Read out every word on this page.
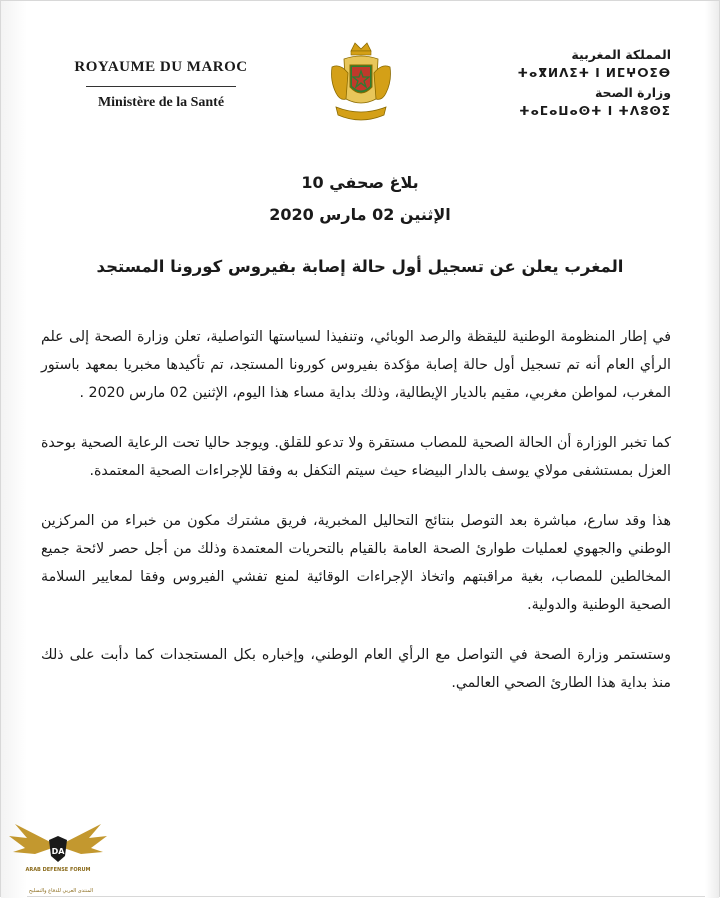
ROYAUME DU MAROC
Ministère de la Santé
المملكة المغربية
ⵜⴰⴳⵍⴷⵉⵜ ⵏ ⵍⵎⵖⵔⵉⴱ
وزارة الصحة
ⵜⴰⵎⴰⵡⴰⵙⵜ ⵏ ⵜⴷⵓⵙⵉ
بلاغ صحفي 10
الإثنين 02 مارس 2020
المغرب يعلن عن تسجيل أول حالة إصابة بفيروس كورونا المستجد

في إطار المنظومة الوطنية لليقظة والرصد الوبائي، وتنفيذا لسياستها التواصلية، تعلن وزارة الصحة إلى علم الرأي العام أنه تم تسجيل أول حالة إصابة مؤكدة بفيروس كورونا المستجد، تم تأكيدها مخبريا بمعهد باستور المغرب، لمواطن مغربي، مقيم بالديار الإيطالية، وذلك بداية مساء هذا اليوم، الإثنين 02 مارس 2020 .

كما تخبر الوزارة أن الحالة الصحية للمصاب مستقرة ولا تدعو للقلق. ويوجد حاليا تحت الرعاية الصحية بوحدة العزل بمستشفى مولاي يوسف بالدار البيضاء حيث سيتم التكفل به وفقا للإجراءات الصحية المعتمدة.

هذا وقد سارع، مباشرة بعد التوصل بنتائج التحاليل المخبرية، فريق مشترك مكون من خبراء من المركزين الوطني والجهوي لعمليات طوارئ الصحة العامة بالقيام بالتحريات المعتمدة وذلك من أجل حصر لائحة جميع المخالطين للمصاب، بغية مراقبتهم واتخاذ الإجراءات الوقائية لمنع تفشي الفيروس وفقا لمعايير السلامة الصحية الوطنية والدولية.

وستستمر وزارة الصحة في التواصل مع الرأي العام الوطني، وإخباره بكل المستجدات كما دأبت على ذلك منذ بداية هذا الطارئ الصحي العالمي.

DA
ARAB DEFENSE FORUM
المنتدى العربي للدفاع والتسليح
